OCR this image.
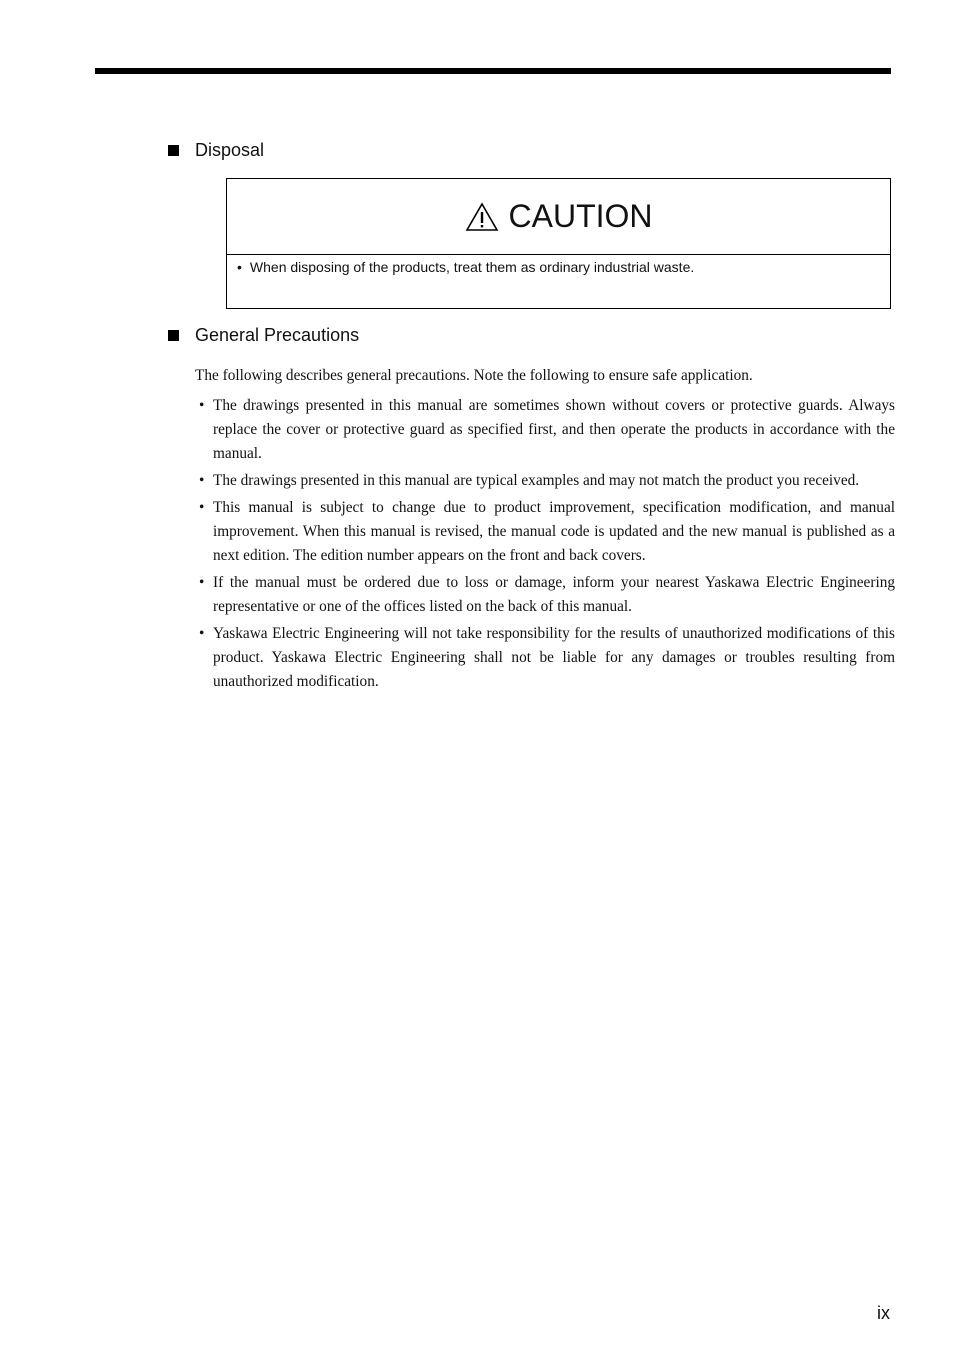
Disposal
CAUTION
• When disposing of the products, treat them as ordinary industrial waste.
General Precautions

The following describes general precautions. Note the following to ensure safe application.

• The drawings presented in this manual are sometimes shown without covers or protective guards. Always replace the cover or protective guard as specified first, and then operate the products in accordance with the manual.
• The drawings presented in this manual are typical examples and may not match the product you received.
• This manual is subject to change due to product improvement, specification modification, and manual improvement. When this manual is revised, the manual code is updated and the new manual is published as a next edition. The edition number appears on the front and back covers.
• If the manual must be ordered due to loss or damage, inform your nearest Yaskawa Electric Engineering representative or one of the offices listed on the back of this manual.
• Yaskawa Electric Engineering will not take responsibility for the results of unauthorized modifications of this product. Yaskawa Electric Engineering shall not be liable for any damages or troubles resulting from unauthorized modification.
ix
